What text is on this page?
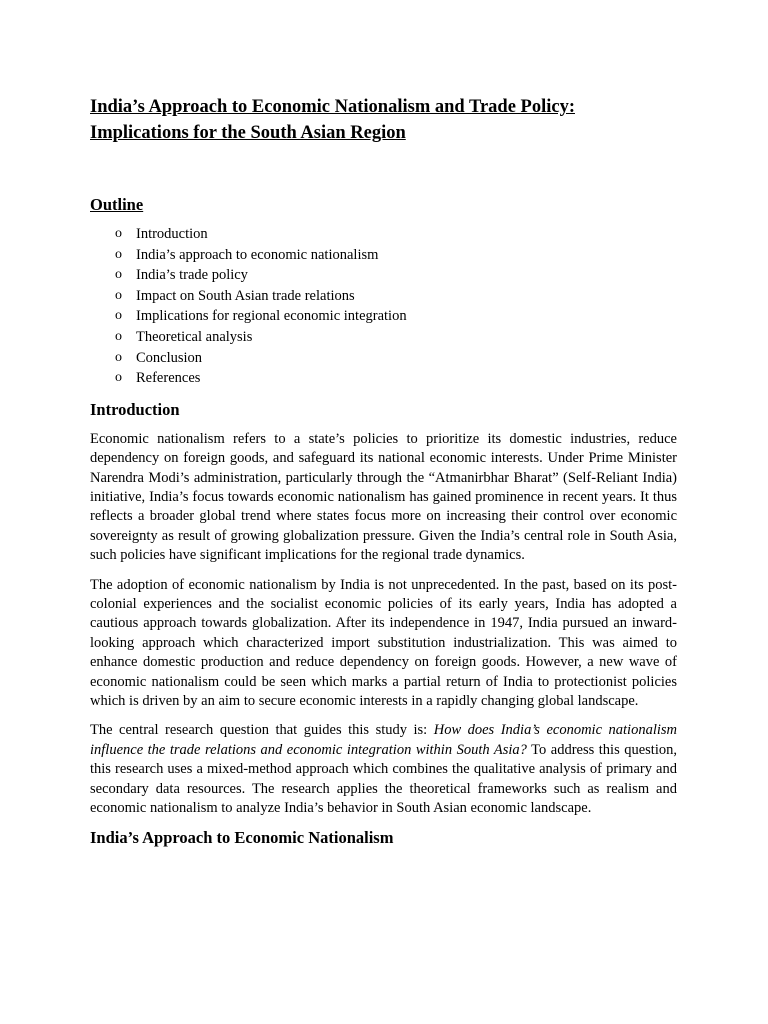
India’s Approach to Economic Nationalism and Trade Policy:
Implications for the South Asian Region
Outline
o Introduction
o India’s approach to economic nationalism
o India’s trade policy
o Impact on South Asian trade relations
o Implications for regional economic integration
o Theoretical analysis
o Conclusion
o References
Introduction

Economic nationalism refers to a state’s policies to prioritize its domestic industries, reduce dependency on foreign goods, and safeguard its national economic interests. Under Prime Minister Narendra Modi’s administration, particularly through the “Atmanirbhar Bharat” (Self-Reliant India) initiative, India’s focus towards economic nationalism has gained prominence in recent years. It thus reflects a broader global trend where states focus more on increasing their control over economic sovereignty as result of growing globalization pressure. Given the India’s central role in South Asia, such policies have significant implications for the regional trade dynamics.

The adoption of economic nationalism by India is not unprecedented. In the past, based on its post-colonial experiences and the socialist economic policies of its early years, India has adopted a cautious approach towards globalization. After its independence in 1947, India pursued an inward-looking approach which characterized import substitution industrialization. This was aimed to enhance domestic production and reduce dependency on foreign goods. However, a new wave of economic nationalism could be seen which marks a partial return of India to protectionist policies which is driven by an aim to secure economic interests in a rapidly changing global landscape.

The central research question that guides this study is: How does India’s economic nationalism influence the trade relations and economic integration within South Asia? To address this question, this research uses a mixed-method approach which combines the qualitative analysis of primary and secondary data resources. The research applies the theoretical frameworks such as realism and economic nationalism to analyze India’s behavior in South Asian economic landscape.

India’s Approach to Economic Nationalism
